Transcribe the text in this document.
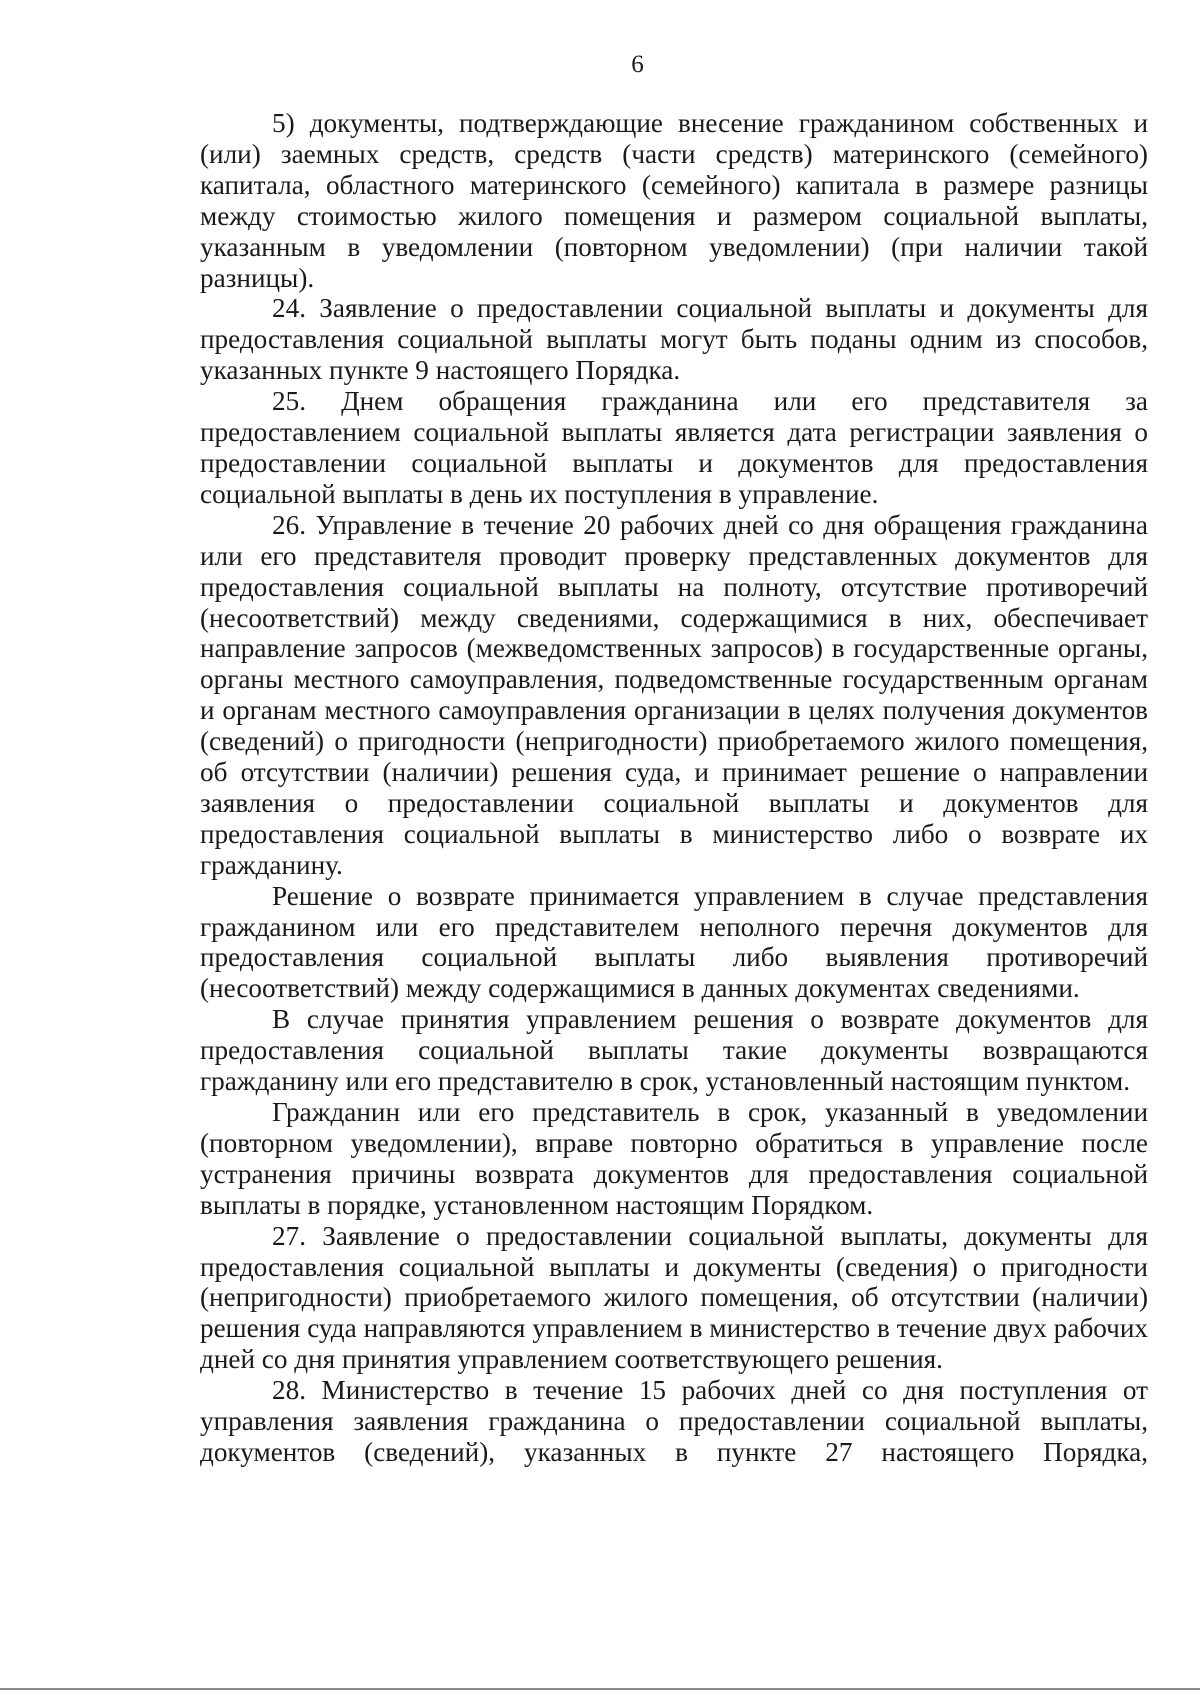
6

5) документы, подтверждающие внесение гражданином собственных и (или) заемных средств, средств (части средств) материнского (семейного) капитала, областного материнского (семейного) капитала в размере разницы между стоимостью жилого помещения и размером социальной выплаты, указанным в уведомлении (повторном уведомлении) (при наличии такой разницы).

24. Заявление о предоставлении социальной выплаты и документы для предоставления социальной выплаты могут быть поданы одним из способов, указанных пункте 9 настоящего Порядка.

25. Днем обращения гражданина или его представителя за предоставлением социальной выплаты является дата регистрации заявления о предоставлении социальной выплаты и документов для предоставления социальной выплаты в день их поступления в управление.

26. Управление в течение 20 рабочих дней со дня обращения гражданина или его представителя проводит проверку представленных документов для предоставления социальной выплаты на полноту, отсутствие противоречий (несоответствий) между сведениями, содержащимися в них, обеспечивает направление запросов (межведомственных запросов) в государственные органы, органы местного самоуправления, подведомственные государственным органам и органам местного самоуправления организации в целях получения документов (сведений) о пригодности (непригодности) приобретаемого жилого помещения, об отсутствии (наличии) решения суда, и принимает решение о направлении заявления о предоставлении социальной выплаты и документов для предоставления социальной выплаты в министерство либо о возврате их гражданину.

Решение о возврате принимается управлением в случае представления гражданином или его представителем неполного перечня документов для предоставления социальной выплаты либо выявления противоречий (несоответствий) между содержащимися в данных документах сведениями.

В случае принятия управлением решения о возврате документов для предоставления социальной выплаты такие документы возвращаются гражданину или его представителю в срок, установленный настоящим пунктом.

Гражданин или его представитель в срок, указанный в уведомлении (повторном уведомлении), вправе повторно обратиться в управление после устранения причины возврата документов для предоставления социальной выплаты в порядке, установленном настоящим Порядком.

27. Заявление о предоставлении социальной выплаты, документы для предоставления социальной выплаты и документы (сведения) о пригодности (непригодности) приобретаемого жилого помещения, об отсутствии (наличии) решения суда направляются управлением в министерство в течение двух рабочих дней со дня принятия управлением соответствующего решения.

28. Министерство в течение 15 рабочих дней со дня поступления от управления заявления гражданина о предоставлении социальной выплаты, документов (сведений), указанных в пункте 27 настоящего Порядка,
